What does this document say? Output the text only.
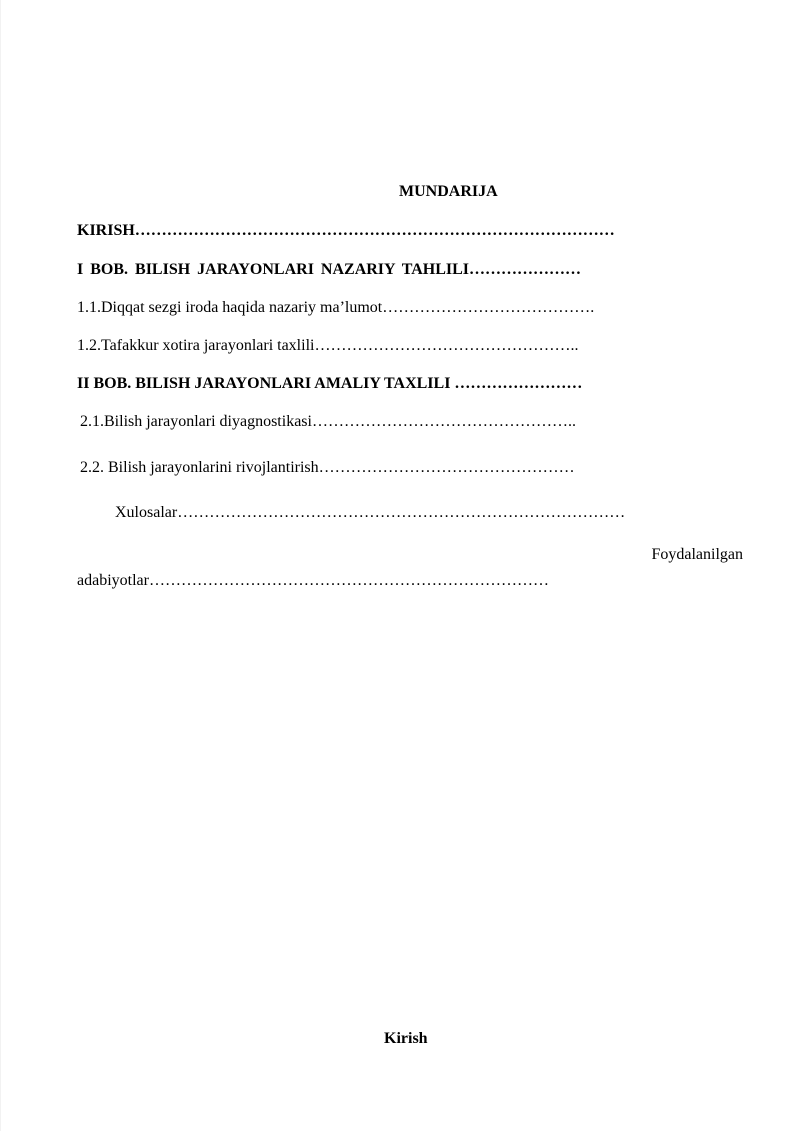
MUNDARIJA
KIRISH………………………………………………………………………………
I BOB. BILISH JARAYONLARI NAZARIY TAHLILI…………………
1.1.Diqqat sezgi iroda haqida nazariy ma’lumot………………………………….
1.2.Tafakkur xotira jarayonlari taxlili…………………………………………..
II BOB. BILISH JARAYONLARI AMALIY TAXLILI ……………………
2.1.Bilish jarayonlari diyagnostikasi…………………………………………..
2.2. Bilish jarayonlarini rivojlantirish…………………………………………
Xulosalar…………………………………………………………………………
Foydalanilgan
adabiyotlar…………………………………………………………………
Kirish
